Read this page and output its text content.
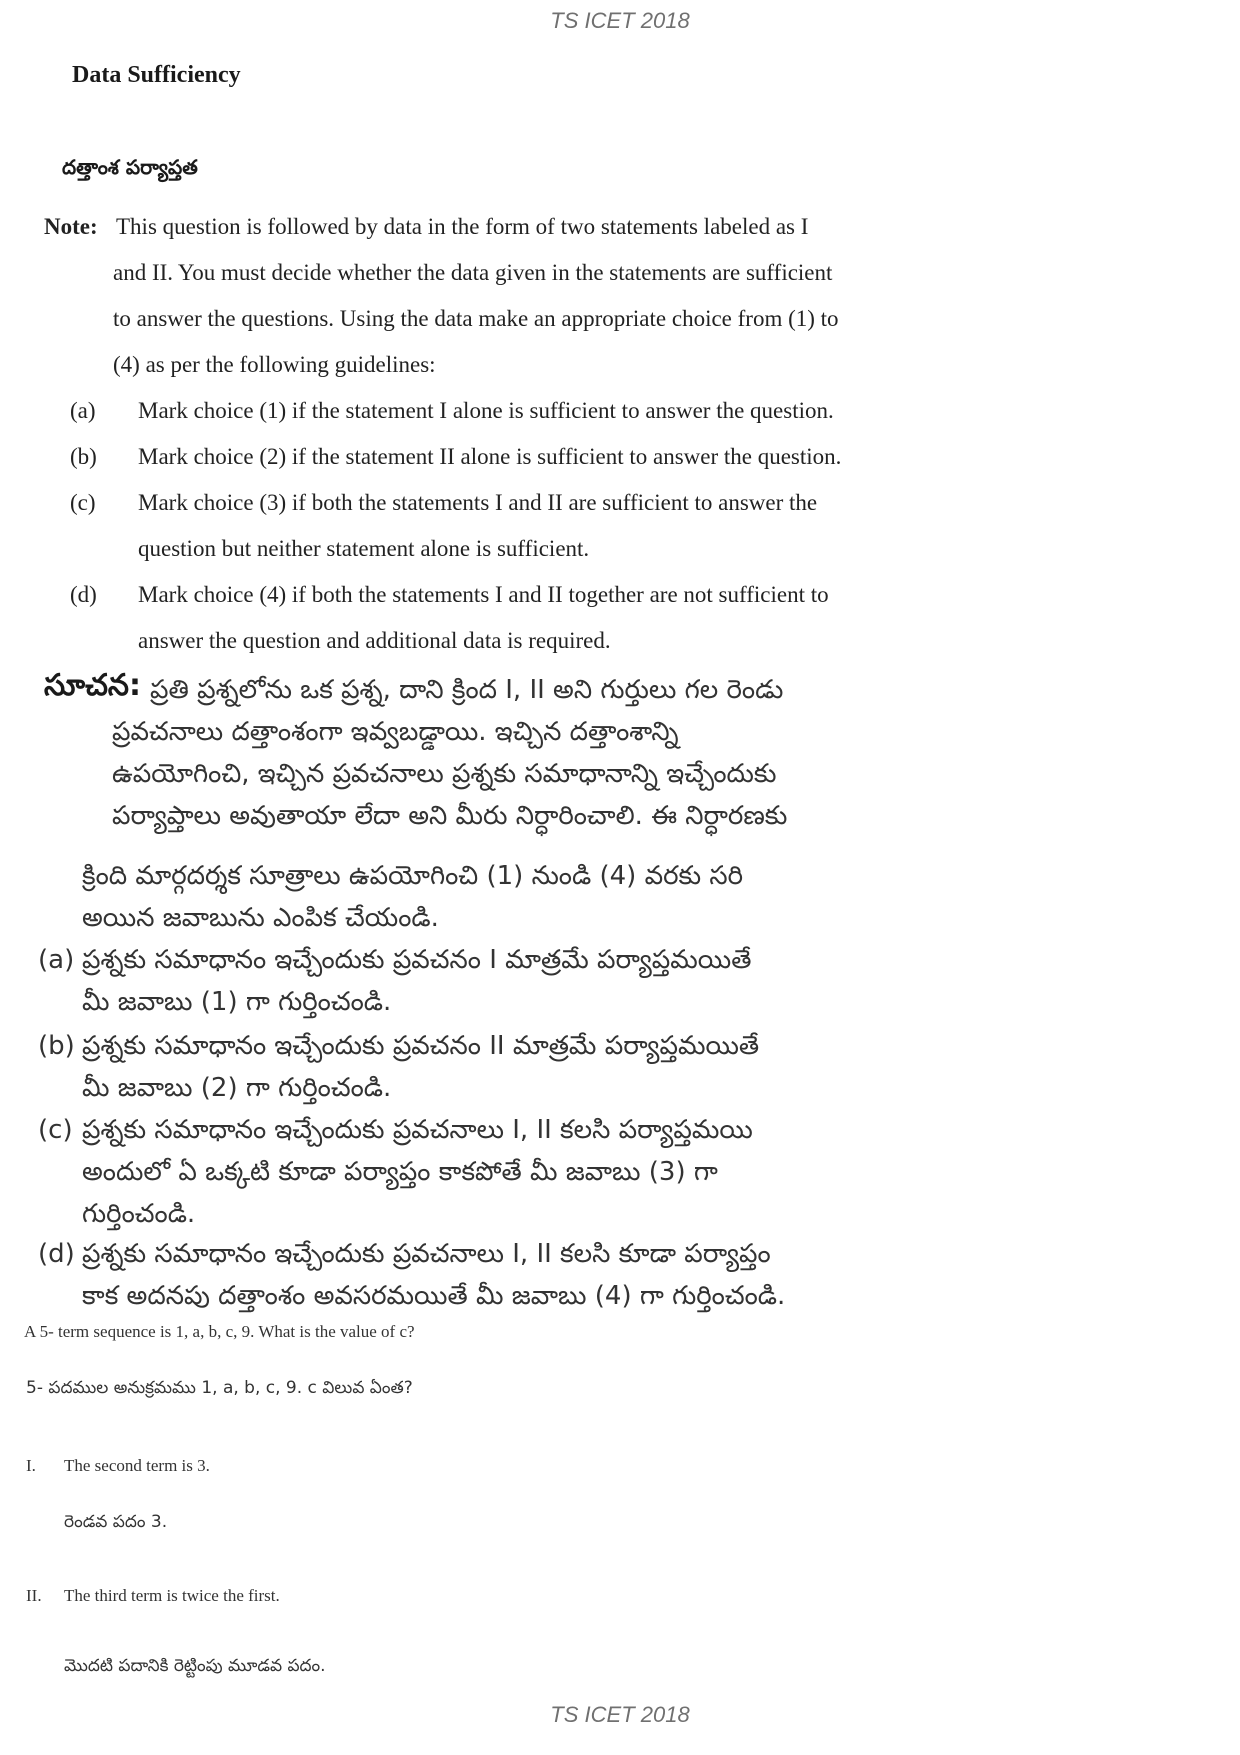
TS ICET 2018
Data Sufficiency
దత్తాంశ పర్యాప్తత
Note: This question is followed by data in the form of two statements labeled as I
and II. You must decide whether the data given in the statements are sufficient
to answer the questions. Using the data make an appropriate choice from (1) to
(4) as per the following guidelines:
(a) Mark choice (1) if the statement I alone is sufficient to answer the question.
(b) Mark choice (2) if the statement II alone is sufficient to answer the question.
(c) Mark choice (3) if both the statements I and II are sufficient to answer the
question but neither statement alone is sufficient.
(d) Mark choice (4) if both the statements I and II together are not sufficient to
answer the question and additional data is required.
సూచన: ప్రతి ప్రశ్నలోను ఒక ప్రశ్న, దాని క్రింద I, II అని గుర్తులు గల రెండు
ప్రవచనాలు దత్తాంశంగా ఇవ్వబడ్డాయి. ఇచ్చిన దత్తాంశాన్ని
ఉపయోగించి, ఇచ్చిన ప్రవచనాలు ప్రశ్నకు సమాధానాన్ని ఇచ్చేందుకు
పర్యాప్తాలు అవుతాయా లేదా అని మీరు నిర్ధారించాలి. ఈ నిర్ధారణకు
క్రింది మార్గదర్శక సూత్రాలు ఉపయోగించి (1) నుండి (4) వరకు సరి
అయిన జవాబును ఎంపిక చేయండి.
(a) ప్రశ్నకు సమాధానం ఇచ్చేందుకు ప్రవచనం I మాత్రమే పర్యాప్తమయితే
మీ జవాబు (1) గా గుర్తించండి.
(b) ప్రశ్నకు సమాధానం ఇచ్చేందుకు ప్రవచనం II మాత్రమే పర్యాప్తమయితే
మీ జవాబు (2) గా గుర్తించండి.
(c) ప్రశ్నకు సమాధానం ఇచ్చేందుకు ప్రవచనాలు I, II కలసి పర్యాప్తమయి
అందులో ఏ ఒక్కటి కూడా పర్యాప్తం కాకపోతే మీ జవాబు (3) గా
గుర్తించండి.
(d) ప్రశ్నకు సమాధానం ఇచ్చేందుకు ప్రవచనాలు I, II కలసి కూడా పర్యాప్తం
కాక అదనపు దత్తాంశం అవసరమయితే మీ జవాబు (4) గా గుర్తించండి.
A 5- term sequence is 1, a, b, c, 9. What is the value of c?
5- పదముల అనుక్రమము 1, a, b, c, 9. c విలువ ఏంత?
I. The second term is 3.
రెండవ పదం 3.
II. The third term is twice the first.
మొదటి పదానికి రెట్టింపు మూడవ పదం.
TS ICET 2018
